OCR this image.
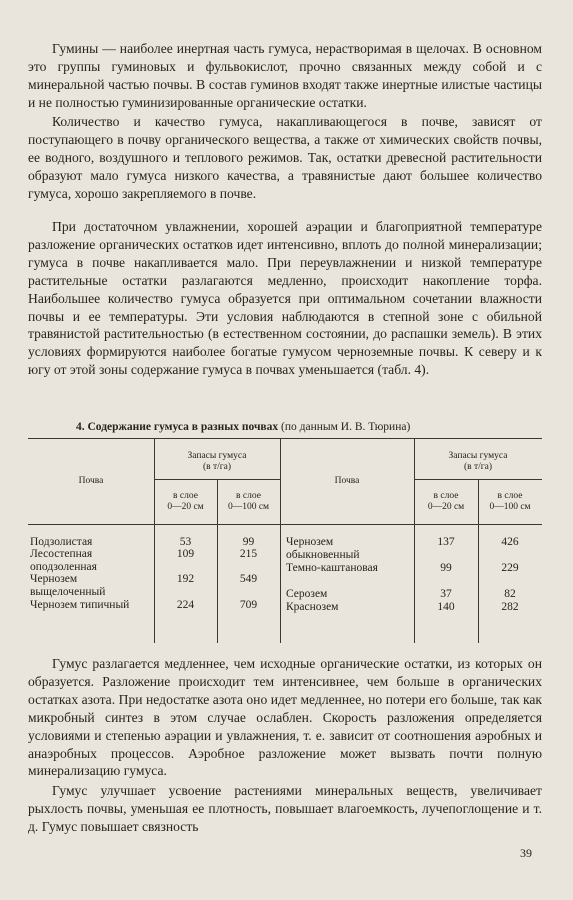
Гумины — наиболее инертная часть гумуса, нерастворимая в щелочах. В основном это группы гуминовых и фульвокислот, прочно связанных между собой и с минеральной частью почвы. В состав гуминов входят также инертные илистые частицы и не полностью гуминизированные органические остатки.

Количество и качество гумуса, накапливающегося в почве, зависят от поступающего в почву органического вещества, а также от химических свойств почвы, ее водного, воздушного и теплового режимов. Так, остатки древесной растительности образуют мало гумуса низкого качества, а травянистые дают большее количество гумуса, хорошо закрепляемого в почве.

При достаточном увлажнении, хорошей аэрации и благоприятной температуре разложение органических остатков идет интенсивно, вплоть до полной минерализации; гумуса в почве накапливается мало. При переувлажнении и низкой температуре растительные остатки разлагаются медленно, происходит накопление торфа. Наибольшее количество гумуса образуется при оптимальном сочетании влажности почвы и ее температуры. Эти условия наблюдаются в степной зоне с обильной травянистой растительностью (в естественном состоянии, до распашки земель). В этих условиях формируются наиболее богатые гумусом черноземные почвы. К северу и к югу от этой зоны содержание гумуса в почвах уменьшается (табл. 4).

4. Содержание гумуса в разных почвах (по данным И. В. Тюрина)
Почва
Запасы гумуса
(в т/га)
в слое
0—20 см
в слое
0—100 см
Почва
Запасы гумуса
(в т/га)
в слое
0—20 см
в слое
0—100 см
Подзолистая	53	99
Лесостепная оподзоленная
109	215
Чернозем выщелоченный
192	549
Чернозем типичный	224	709
Чернозем обыкновенный
137	426
Темно-каштановая	99	229
Серозем	37	82
Краснозем	140	282

Гумус разлагается медленнее, чем исходные органические остатки, из которых он образуется. Разложение происходит тем интенсивнее, чем больше в органических остатках азота. При недостатке азота оно идет медленнее, но потери его больше, так как микробный синтез в этом случае ослаблен. Скорость разложения определяется условиями и степенью аэрации и увлажнения, т. е. зависит от соотношения аэробных и анаэробных процессов. Аэробное разложение может вызвать почти полную минерализацию гумуса.

Гумус улучшает усвоение растениями минеральных веществ, увеличивает рыхлость почвы, уменьшая ее плотность, повышает влагоемкость, лучепоглощение и т. д. Гумус повышает связность

39
